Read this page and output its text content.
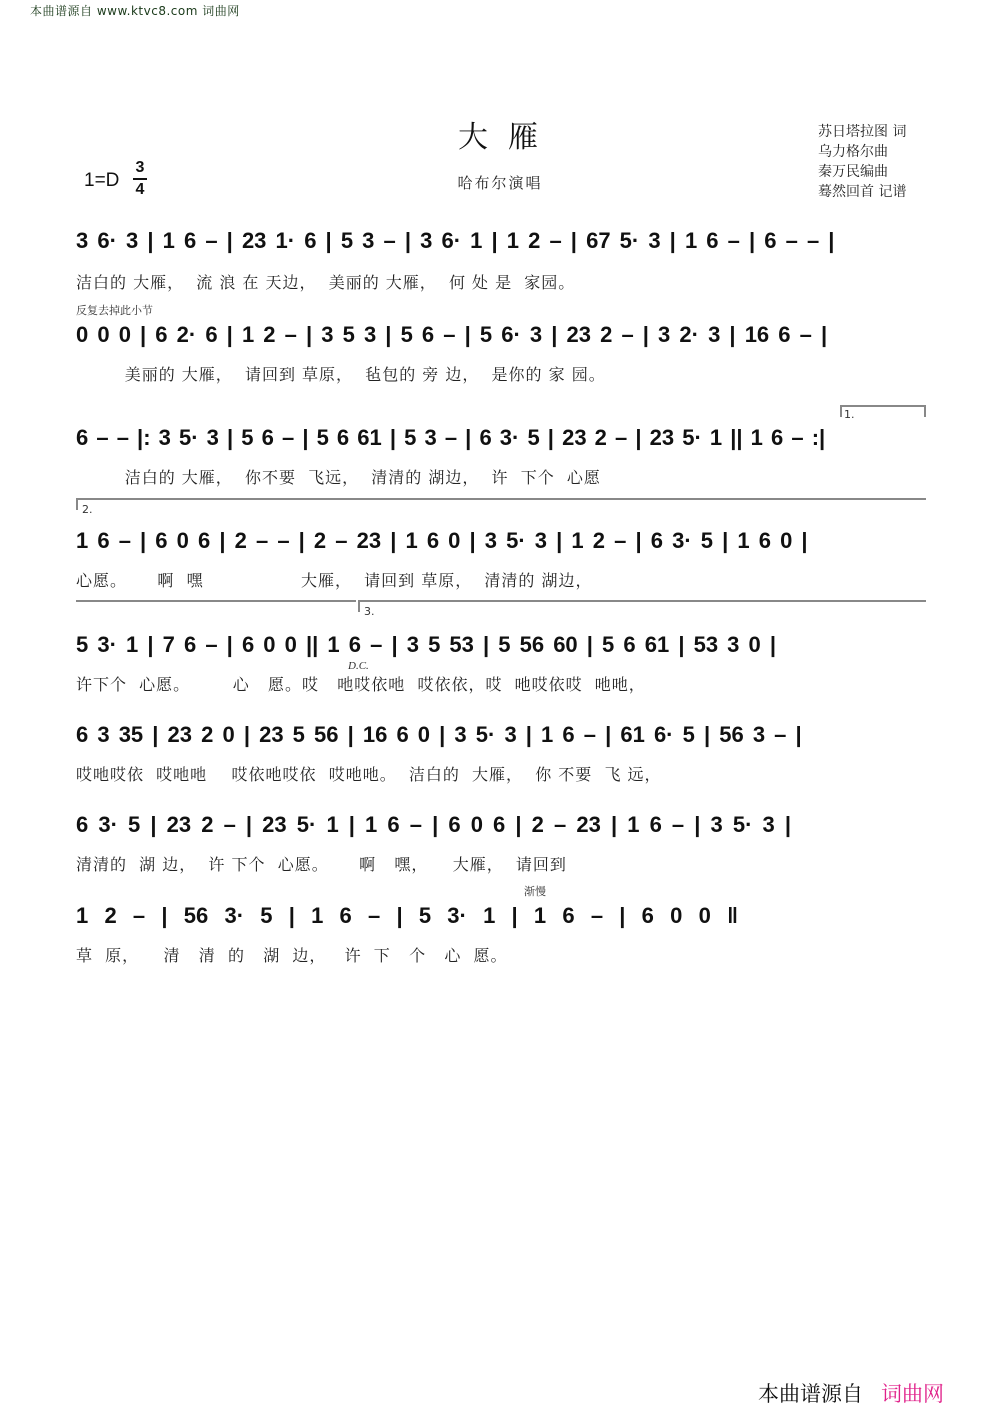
本曲谱源自 www.ktvc8.com 词曲网
大雁
哈布尔演唱
苏日塔拉图 词
乌力格尔曲
秦万民编曲
蓦然回首 记谱
1=D
3
4
3 6· 3 | 1 6 – | 23 1· 6 | 5 3 – | 3 6· 1 | 1 2 – | 67 5· 3 | 1 6 – | 6 – – |
洁白的 大雁，  流 浪 在 天边，  美丽的 大雁，  何 处 是  家园。
反复去掉此小节
0 0 0 | 6 2· 6 | 1 2 – | 3 5 3 | 5 6 – | 5 6· 3 | 23 2 – | 3 2· 3 | 16 6 – |
美丽的 大雁，  请回到 草原，  毡包的 旁 边，  是你的 家 园。
1.
6 – – |: 3 5· 3 | 5 6 – | 5 6 61 | 5 3 – | 6 3· 5 | 23 2 – | 23 5· 1 || 1 6 – :|
洁白的 大雁，  你不要  飞远，  清清的 湖边，  许  下个  心愿
2.
1 6 – | 6 0 6 | 2 – – | 2 – 23 | 1 6 0 | 3 5· 3 | 1 2 – | 6 3· 5 | 1 6 0 |
心愿。     啊  嘿                大雁，  请回到 草原，  清清的 湖边，
3.
D.C.
5 3· 1 | 7 6 – | 6 0 0 || 1 6 – | 3 5 53 | 5 56 60 | 5 6 61 | 53 3 0 |
许下个  心愿。       心   愿。哎   吔哎依吔  哎依依，哎  吔哎依哎  吔吔，
6 3 35 | 23 2 0 | 23 5 56 | 16 6 0 | 3 5· 3 | 1 6 – | 61 6· 5 | 56 3 – |
哎吔哎依  哎吔吔    哎依吔哎依  哎吔吔。  洁白的  大雁，  你 不要  飞 远，
6 3· 5 | 23 2 – | 23 5· 1 | 1 6 – | 6 0 6 | 2 – 23 | 1 6 – | 3 5· 3 |
清清的  湖 边，  许 下个  心愿。     啊   嘿，    大雁，  请回到
渐慢
1  2  –  |  56  3·  5  |  1  6  –  |  5  3·  1  |  1  6  –  |  6  0  0  ‖
草  原，    清   清  的   湖  边，   许  下   个   心  愿。
本曲谱源自 词曲网
